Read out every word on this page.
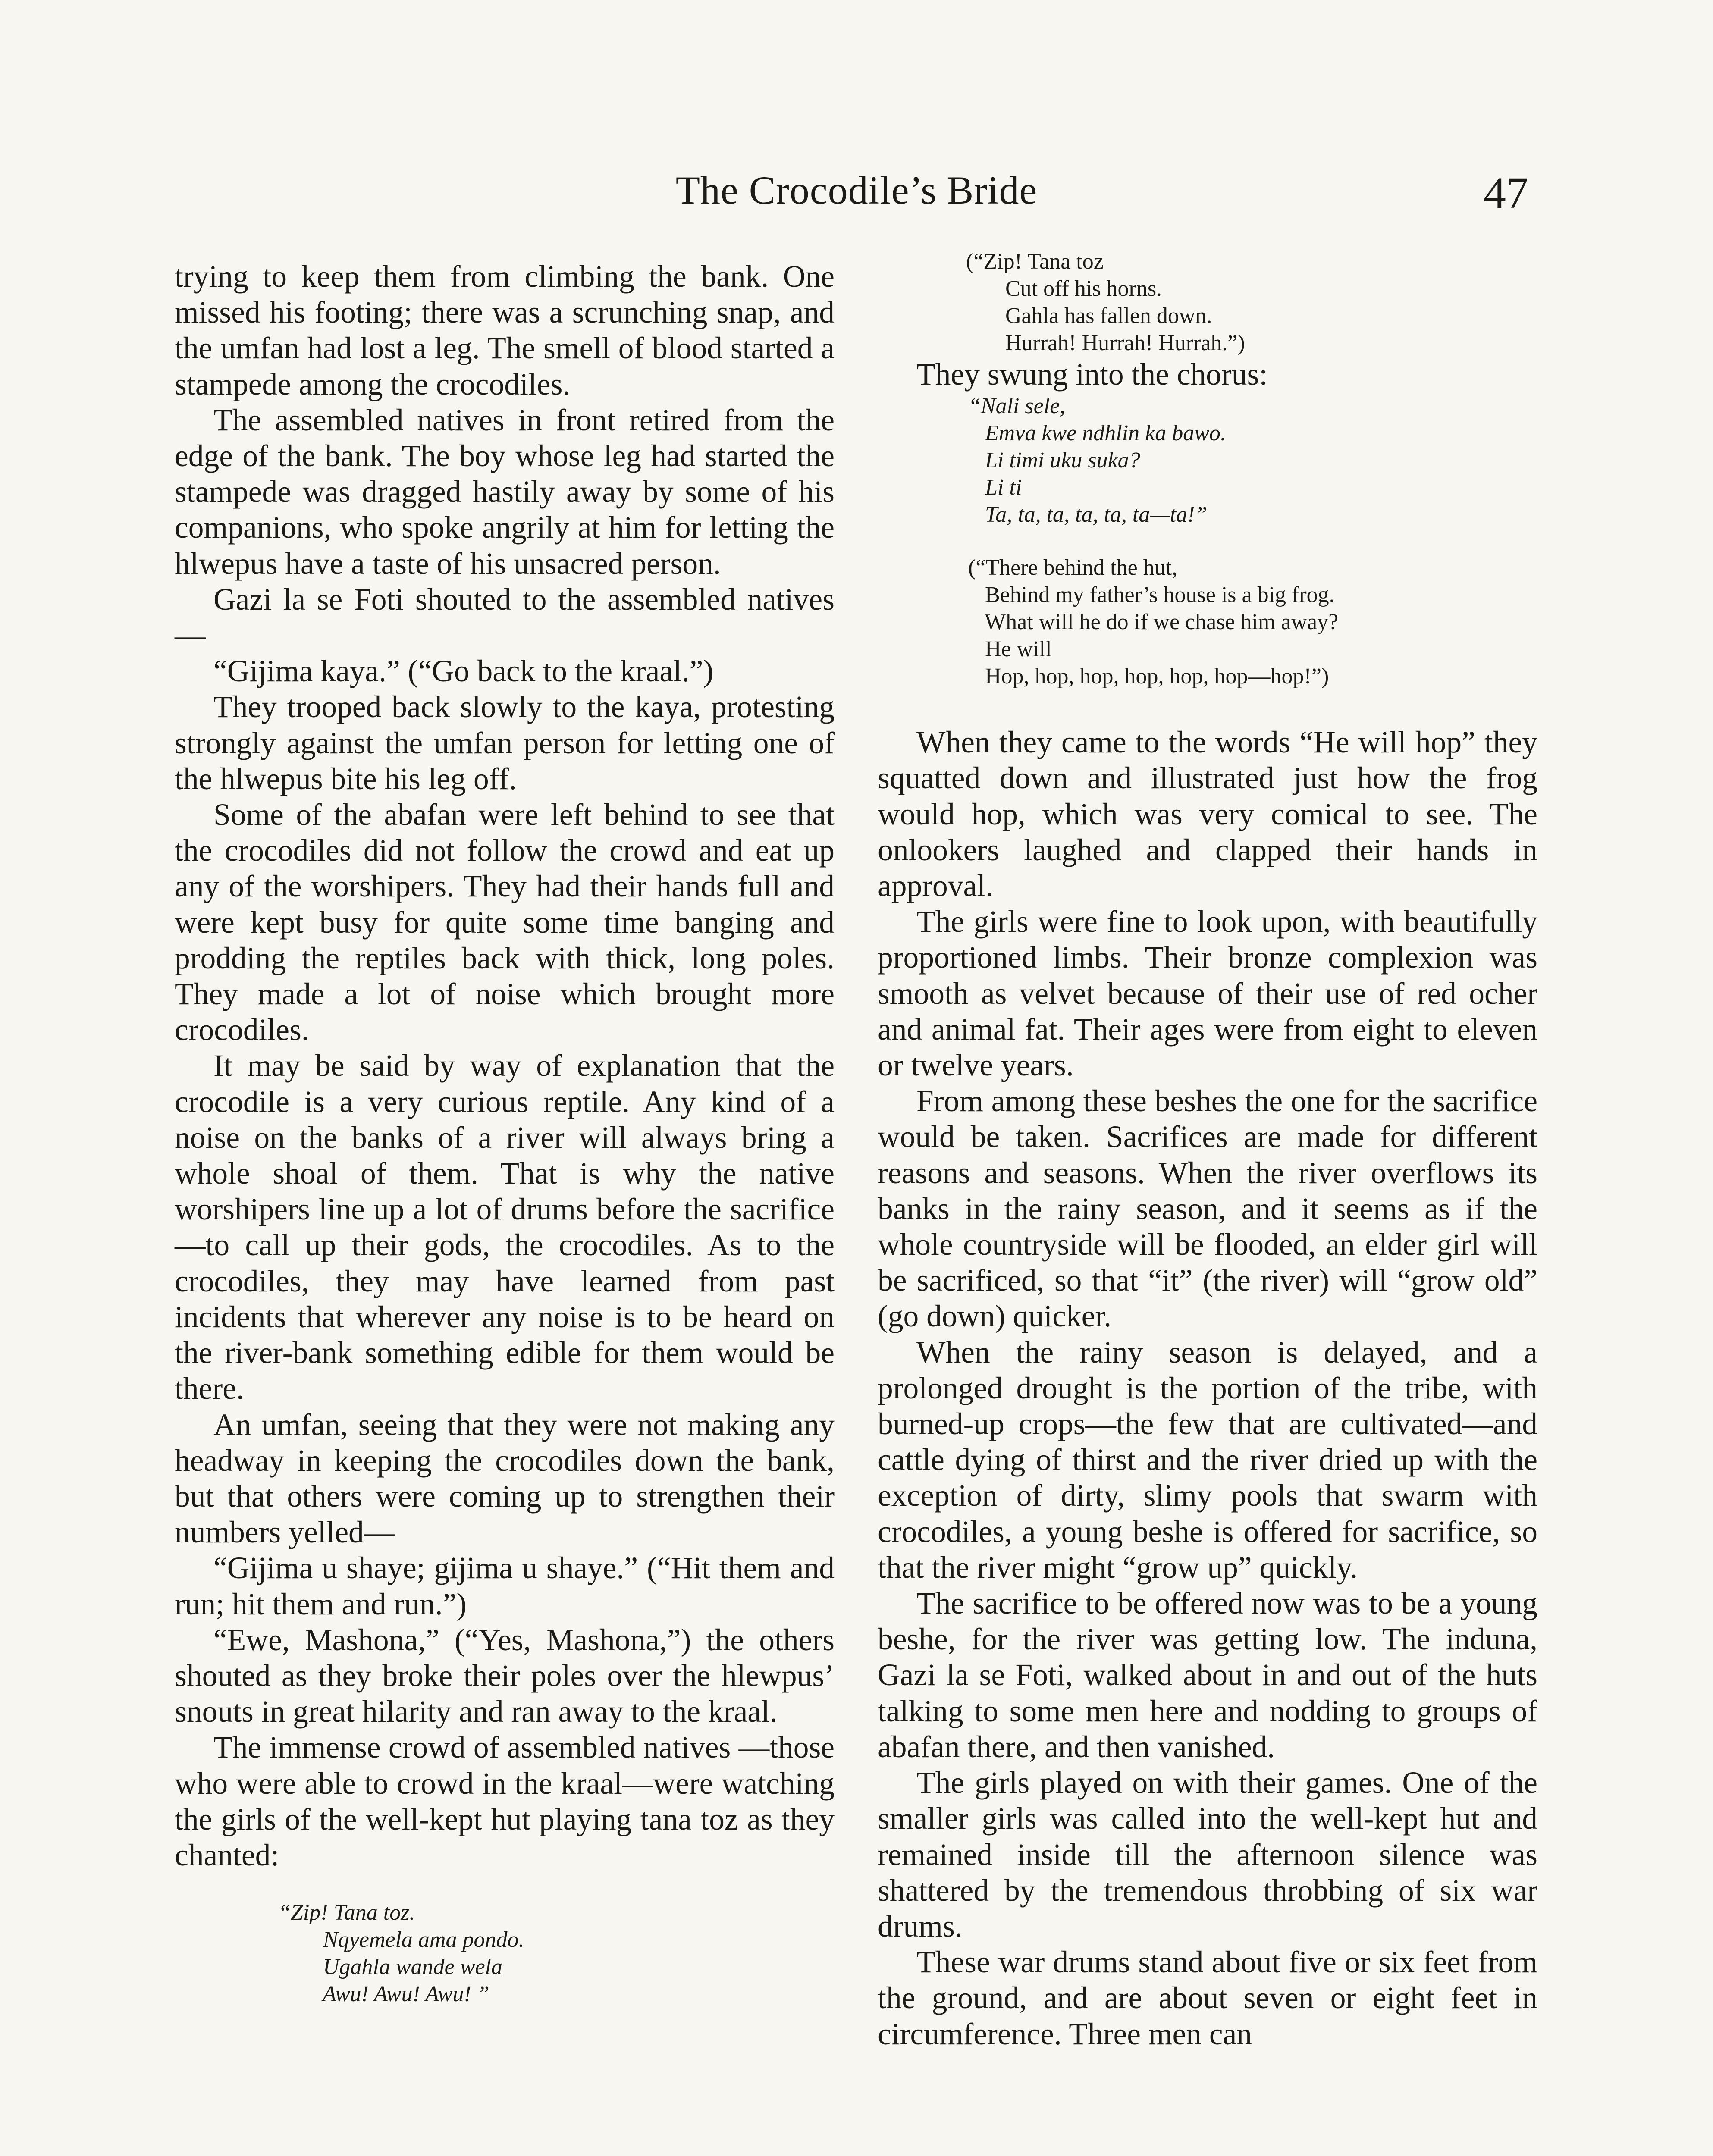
The Crocodile’s Bride	47

trying to keep them from climbing the bank. One missed his footing; there was a scrunching snap, and the umfan had lost a leg. The smell of blood started a stampede among the crocodiles.

The assembled natives in front retired from the edge of the bank. The boy whose leg had started the stampede was dragged hastily away by some of his companions, who spoke angrily at him for letting the hlwepus have a taste of his unsacred person.

Gazi la se Foti shouted to the assembled natives—

“Gijima kaya.” (“Go back to the kraal.”)

They trooped back slowly to the kaya, protesting strongly against the umfan person for letting one of the hlwepus bite his leg off.

Some of the abafan were left behind to see that the crocodiles did not follow the crowd and eat up any of the worshipers. They had their hands full and were kept busy for quite some time banging and prodding the reptiles back with thick, long poles. They made a lot of noise which brought more crocodiles.

It may be said by way of explanation that the crocodile is a very curious reptile. Any kind of a noise on the banks of a river will always bring a whole shoal of them. That is why the native worshipers line up a lot of drums before the sacrifice—to call up their gods, the crocodiles. As to the crocodiles, they may have learned from past incidents that wherever any noise is to be heard on the river-bank something edible for them would be there.

An umfan, seeing that they were not making any headway in keeping the crocodiles down the bank, but that others were coming up to strengthen their numbers yelled—

“Gijima u shaye; gijima u shaye.” (“Hit them and run; hit them and run.”)

“Ewe, Mashona,” (“Yes, Mashona,”) the others shouted as they broke their poles over the hlewpus’ snouts in great hilarity and ran away to the kraal.

The immense crowd of assembled natives —those who were able to crowd in the kraal—were watching the girls of the well-kept hut playing tana toz as they chanted:

“Zip! Tana toz.
Nqyemela ama pondo.
Ugahla wande wela
Awu! Awu! Awu! ”
(“Zip! Tana toz
Cut off his horns.
Gahla has fallen down.
Hurrah! Hurrah! Hurrah.”)

They swung into the chorus:

“Nali sele,
Emva kwe ndhlin ka bawo.
Li timi uku suka?
Li ti
Ta, ta, ta, ta, ta, ta—ta!”
(“There behind the hut,
Behind my father’s house is a big frog.
What will he do if we chase him away?
He will
Hop, hop, hop, hop, hop, hop—hop!”)

When they came to the words “He will hop” they squatted down and illustrated just how the frog would hop, which was very comical to see. The onlookers laughed and clapped their hands in approval.

The girls were fine to look upon, with beautifully proportioned limbs. Their bronze complexion was smooth as velvet because of their use of red ocher and animal fat. Their ages were from eight to eleven or twelve years.

From among these beshes the one for the sacrifice would be taken. Sacrifices are made for different reasons and seasons. When the river overflows its banks in the rainy season, and it seems as if the whole countryside will be flooded, an elder girl will be sacrificed, so that “it” (the river) will “grow old” (go down) quicker.

When the rainy season is delayed, and a prolonged drought is the portion of the tribe, with burned-up crops—the few that are cultivated—and cattle dying of thirst and the river dried up with the exception of dirty, slimy pools that swarm with crocodiles, a young beshe is offered for sacrifice, so that the river might “grow up” quickly.

The sacrifice to be offered now was to be a young beshe, for the river was getting low. The induna, Gazi la se Foti, walked about in and out of the huts talking to some men here and nodding to groups of abafan there, and then vanished.

The girls played on with their games. One of the smaller girls was called into the well-kept hut and remained inside till the afternoon silence was shattered by the tremendous throbbing of six war drums.

These war drums stand about five or six feet from the ground, and are about seven or eight feet in circumference. Three men can
